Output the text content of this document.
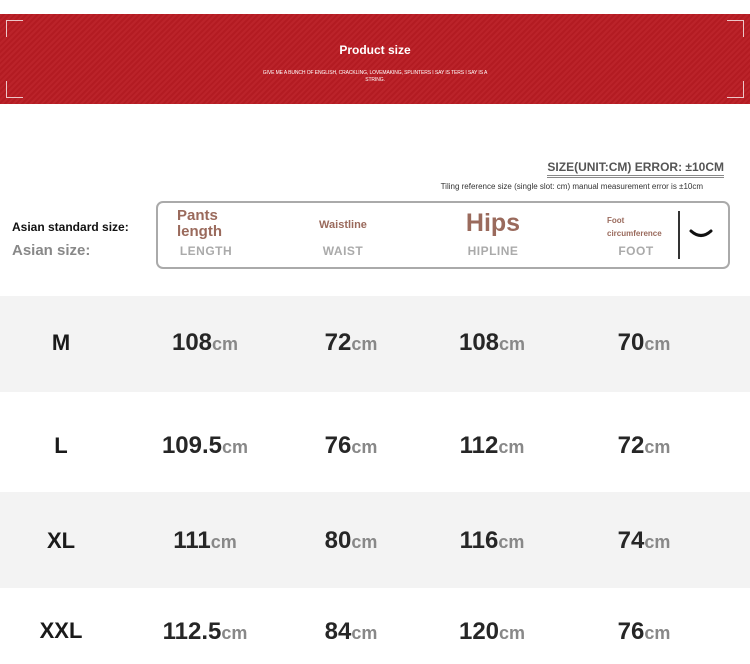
Product size
GIVE ME A BUNCH OF ENGLISH, CRACKLING, LOVEMAKING, SPLINTERS I SAY IS TERS I SAY IS A STRING.
SIZE(UNIT:CM) ERROR: ±10CM
Tiling reference size (single slot: cm) manual measurement error is ±10cm
Asian standard size:
Asian size:
Pants length
LENGTH
Waistline
WAIST
Hips
HIPLINE
Foot circumference
FOOT
M	108cm	72cm	108cm	70cm
L	109.5cm	76cm	112cm	72cm
XL	111cm	80cm	116cm	74cm
XXL	112.5cm	84cm	120cm	76cm
